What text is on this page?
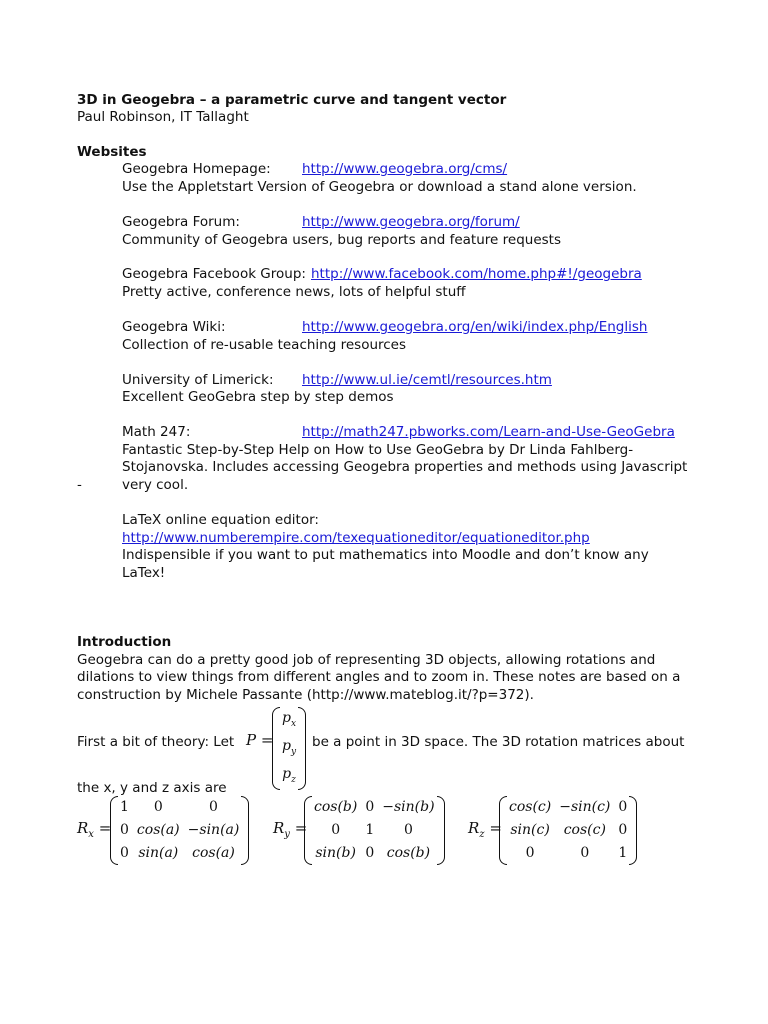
3D in Geogebra – a parametric curve and tangent vector
Paul Robinson, IT Tallaght
Websites
Geogebra Homepage: http://www.geogebra.org/cms/
Use the Appletstart Version of Geogebra or download a stand alone version.
Geogebra Forum:	http://www.geogebra.org/forum/
Community of Geogebra users, bug reports and feature requests
Geogebra Facebook Group: http://www.facebook.com/home.php#!/geogebra
Pretty active, conference news, lots of helpful stuff
Geogebra Wiki:	http://www.geogebra.org/en/wiki/index.php/English
Collection of re-usable teaching resources
University of Limerick: http://www.ul.ie/cemtl/resources.htm
Excellent GeoGebra step by step demos
Math 247:	http://math247.pbworks.com/Learn-and-Use-GeoGebra
Fantastic Step-by-Step Help on How to Use GeoGebra by Dr Linda Fahlberg-
Stojanovska. Includes accessing Geogebra properties and methods using Javascript
-	very cool.
LaTeX online equation editor:
http://www.numberempire.com/texequationeditor/equationeditor.php
Indispensible if you want to put mathematics into Moodle and don’t know any
LaTex!
Introduction
Geogebra can do a pretty good job of representing 3D objects, allowing rotations and
dilations to view things from different angles and to zoom in. These notes are based on a
construction by Michele Passante (http://www.mateblog.it/?p=372).
First a bit of theory: Let P =
$p_x$
$p_y$
$p_z$
be a point in 3D space. The 3D rotation matrices about
the x, y and z axis are
$R_x$ =
1 0	0
0 cos(a) −sin(a)
0 sin(a) cos(a)
$R_y$ =
cos(b) 0 −sin(b)
0 1 0
sin(b) 0 cos(b)
$R_z$ =
cos(c) −sin(c) 0
sin(c) cos(c) 0
0	0 1
